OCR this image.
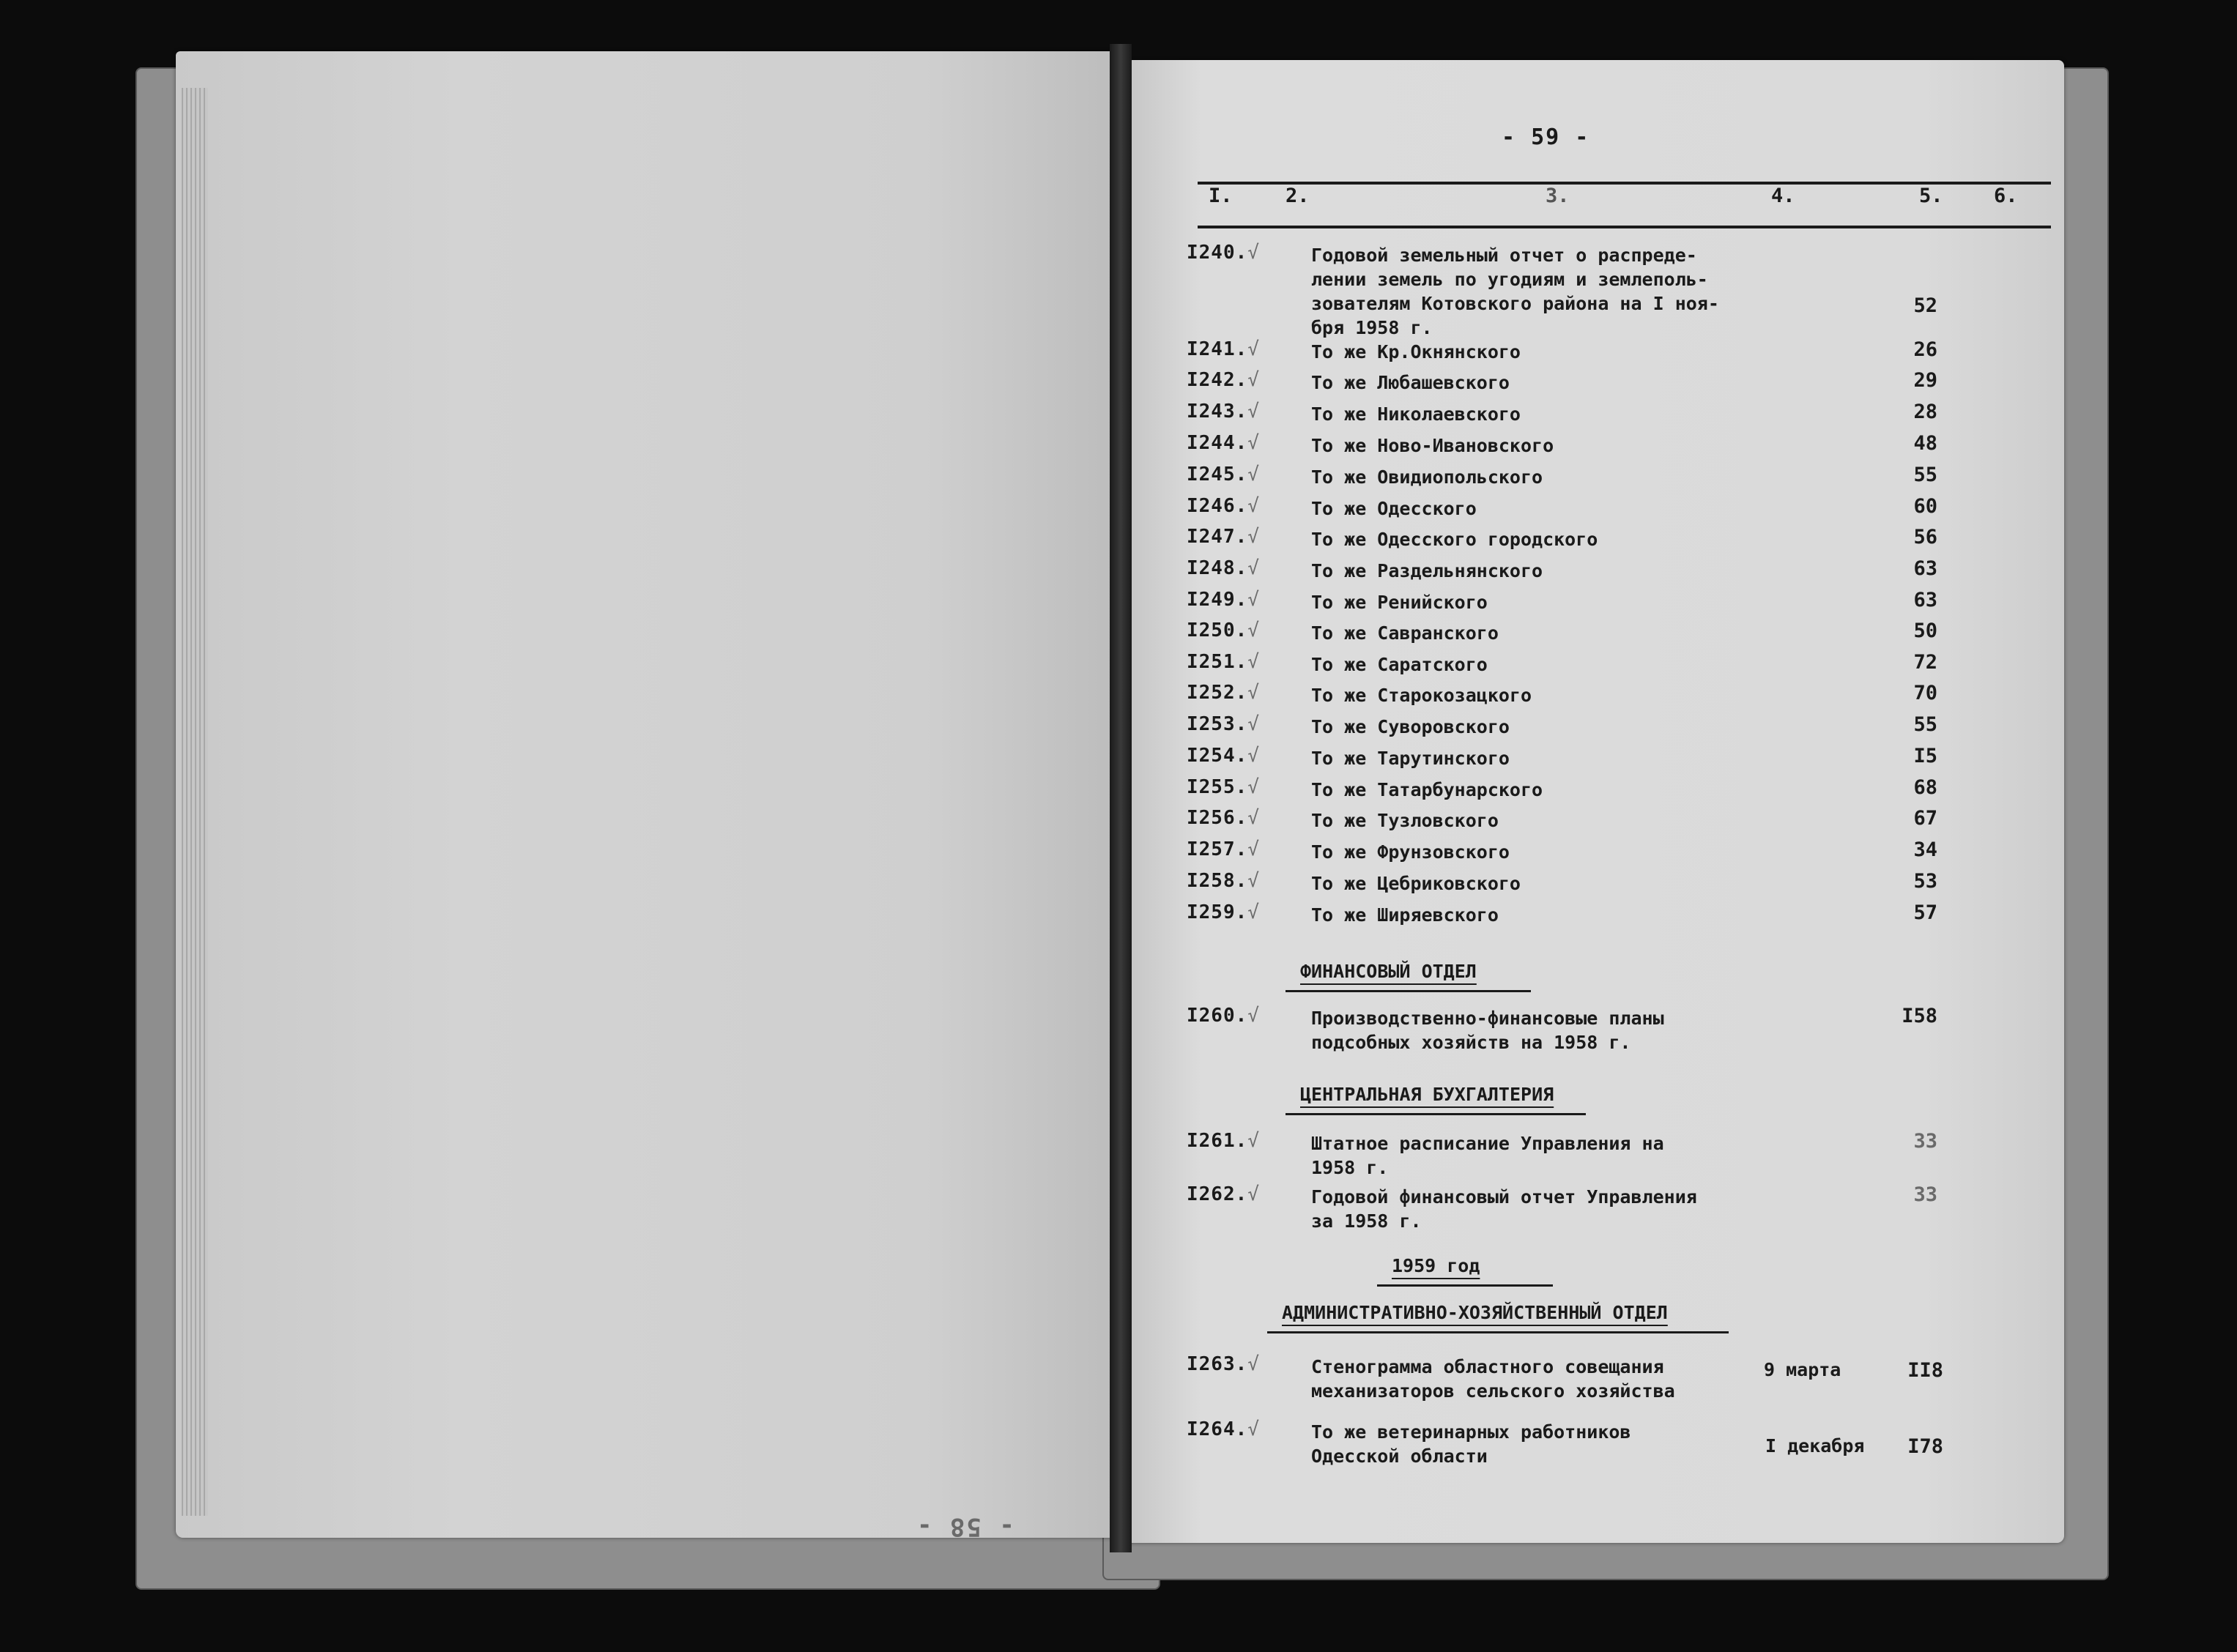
- 58 -
- 59 -
I.	2.	3.	4.	5.	6.
I240.√	Годовой земельный отчет о распреде-
лении земель по угодиям и землеполь-
зователям Котовского района на I ноя-
бря 1958 г.
52
I241.√	То же Кр.Окнянского	26
I242.√	То же Любашевского	29
I243.√	То же Николаевского	28
I244.√	То же Ново-Ивановского	48
I245.√	То же Овидиопольского	55
I246.√	То же Одесского	60
I247.√	То же Одесского городского	56
I248.√	То же Раздельнянского	63
I249.√	То же Ренийского	63
I250.√	То же Савранского	50
I251.√	То же Саратского	72
I252.√	То же Старокозацкого	70
I253.√	То же Суворовского	55
I254.√	То же Тарутинского	I5
I255.√	То же Татарбунарского	68
I256.√	То же Тузловского	67
I257.√	То же Фрунзовского	34
I258.√	То же Цебриковского	53
I259.√	То же Ширяевского	57
ФИНАНСОВЫЙ ОТДЕЛ
I260.√	Производственно-финансовые планы
подсобных хозяйств на 1958 г.
I58
ЦЕНТРАЛЬНАЯ БУХГАЛТЕРИЯ
I261.√	Штатное расписание Управления на
1958 г.
33
I262.√	Годовой финансовый отчет Управления
за 1958 г.
33
1959 год
АДМИНИСТРАТИВНО-ХОЗЯЙСТВЕННЫЙ ОТДЕЛ
I263.√	Стенограмма областного совещания
механизаторов сельского хозяйства
9 марта	II8
I264.√	То же ветеринарных работников
Одесской области	I декабря	I78
